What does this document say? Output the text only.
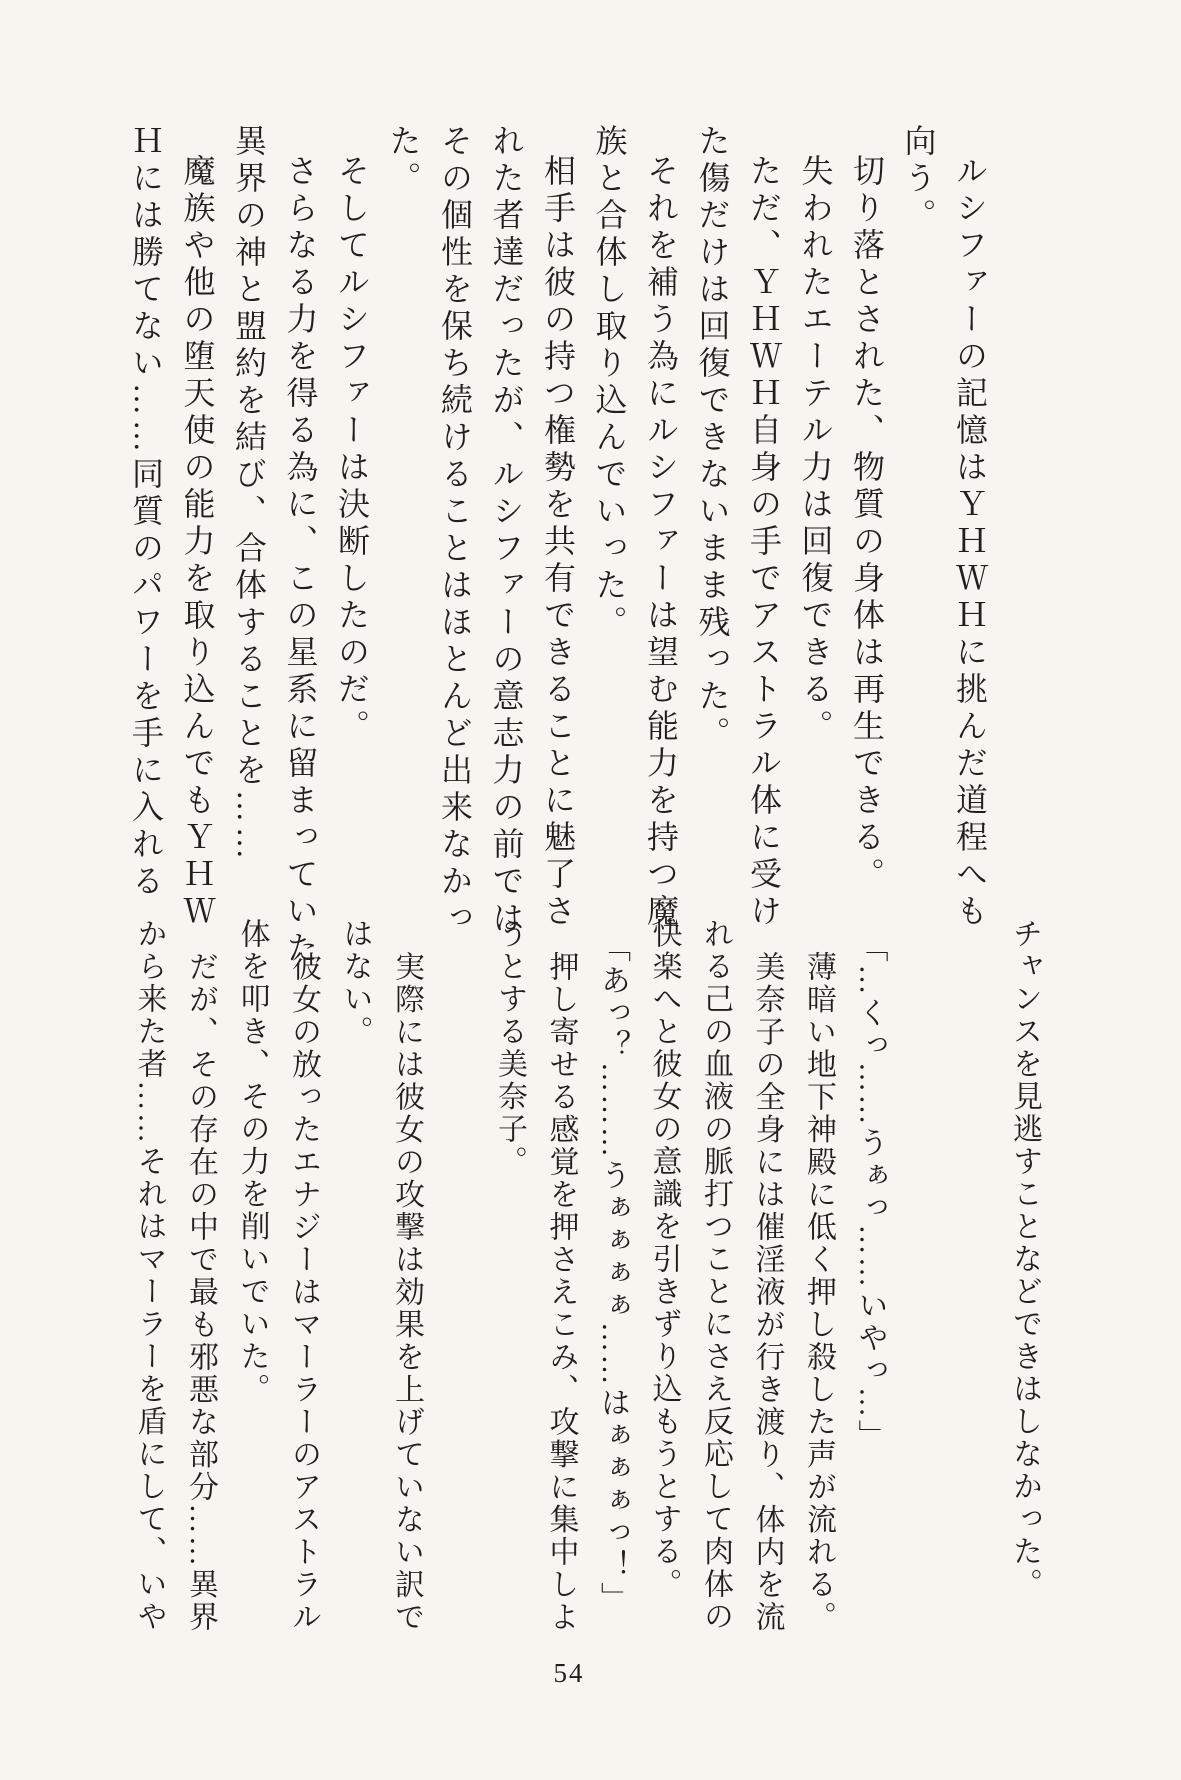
ルシファーの記憶はＹＨＷＨに挑んだ道程へも
向う。
切り落とされた、物質の身体は再生できる。
失われたエーテル力は回復できる。
ただ、ＹＨＷＨ自身の手でアストラル体に受け
た傷だけは回復できないまま残った。
それを補う為にルシファーは望む能力を持つ魔
族と合体し取り込んでいった。
相手は彼の持つ権勢を共有できることに魅了さ
れた者達だったが、ルシファーの意志力の前では
その個性を保ち続けることはほとんど出来なかっ
た。
そしてルシファーは決断したのだ。
さらなる力を得る為に、この星系に留まっていた
異界の神と盟約を結び、合体することを……
魔族や他の堕天使の能力を取り込んでもＹＨＷ
Ｈには勝てない……同質のパワーを手に入れる
チャンスを見逃すことなどできはしなかった。

「…くっ……うぁっ……いやっ…」
薄暗い地下神殿に低く押し殺した声が流れる。
美奈子の全身には催淫液が行き渡り、体内を流
れる己の血液の脈打つことにさえ反応して肉体の
快楽へと彼女の意識を引きずり込もうとする。
「あっ？………うぁぁぁぁ……はぁぁぁっ！」
押し寄せる感覚を押さえこみ、攻撃に集中しよ
うとする美奈子。

実際には彼女の攻撃は効果を上げていない訳で
はない。
彼女の放ったエナジーはマーラーのアストラル
体を叩き、その力を削いでいた。
だが、その存在の中で最も邪悪な部分……異界
から来た者……それはマーラーを盾にして、いや
54
